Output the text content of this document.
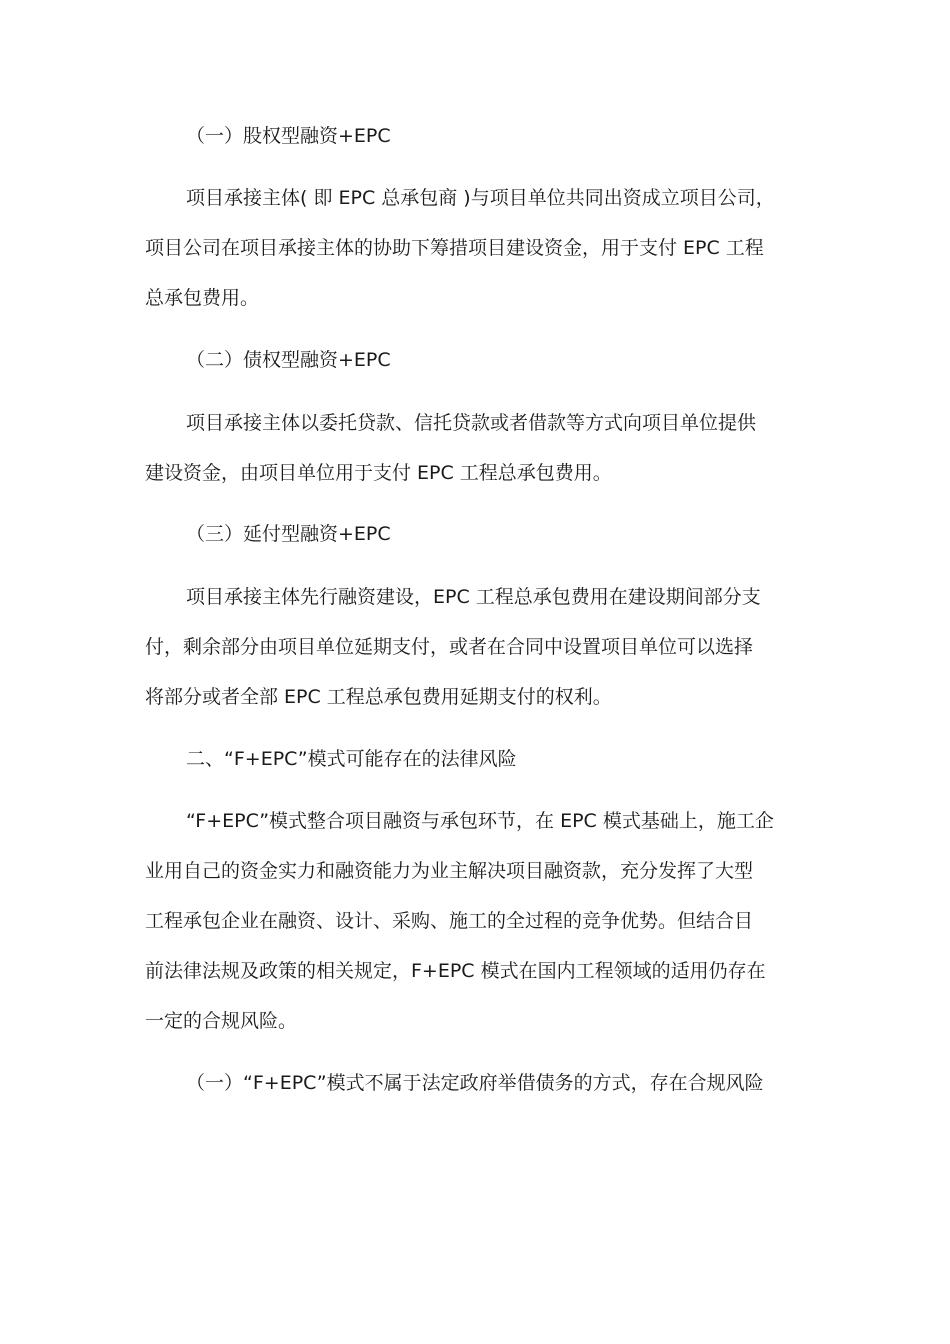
（一）股权型融资+EPC
项目承接主体( 即 EPC 总承包商 )与项目单位共同出资成立项目公司，
项目公司在项目承接主体的协助下筹措项目建设资金，用于支付 EPC 工程
总承包费用。
（二）债权型融资+EPC
项目承接主体以委托贷款、信托贷款或者借款等方式向项目单位提供
建设资金，由项目单位用于支付 EPC 工程总承包费用。
（三）延付型融资+EPC
项目承接主体先行融资建设，EPC 工程总承包费用在建设期间部分支
付，剩余部分由项目单位延期支付，或者在合同中设置项目单位可以选择
将部分或者全部 EPC 工程总承包费用延期支付的权利。
二、“F+EPC”模式可能存在的法律风险
“F+EPC”模式整合项目融资与承包环节，在 EPC 模式基础上，施工企
业用自己的资金实力和融资能力为业主解决项目融资款，充分发挥了大型
工程承包企业在融资、设计、采购、施工的全过程的竞争优势。但结合目
前法律法规及政策的相关规定，F+EPC 模式在国内工程领域的适用仍存在
一定的合规风险。
（一）“F+EPC”模式不属于法定政府举借债务的方式，存在合规风险
